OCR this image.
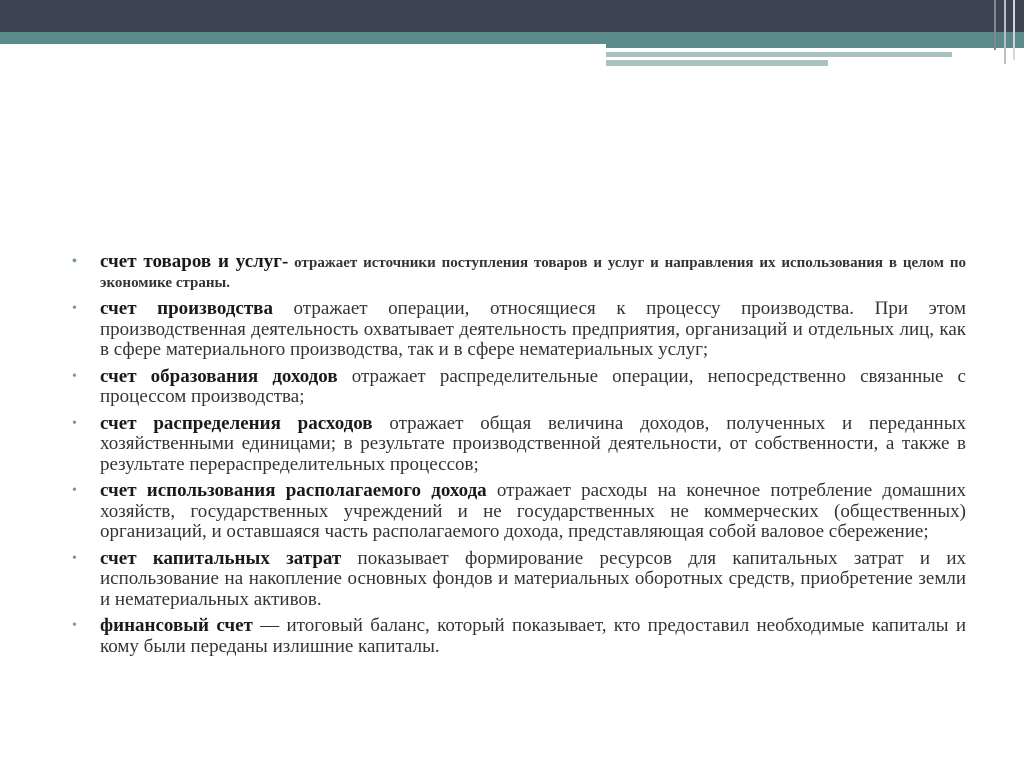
• счет товаров и услуг- отражает источники поступления товаров и услуг и направления их использования в целом по экономике страны.
• счет производства отражает операции, относящиеся к процессу производства. При этом производственная деятельность охватывает деятельность предприятия, организаций и отдельных лиц, как в сфере материального производства, так и в сфере нематериальных услуг;
• счет образования доходов отражает распределительные операции, непосредственно связанные с процессом производства;
• счет распределения расходов отражает общая величина доходов, полученных и переданных хозяйственными единицами; в результате производственной деятельности, от собственности, а также в результате перераспределительных процессов;
• счет использования располагаемого дохода отражает расходы на конечное потребление домашних хозяйств, государственных учреждений и не государственных не коммерческих (общественных) организаций, и оставшаяся часть располагаемого дохода, представляющая собой валовое сбережение;
• счет капитальных затрат показывает формирование ресурсов для капитальных затрат и их использование на накопление основных фондов и материальных оборотных средств, приобретение земли и нематериальных активов.
• финансовый счет — итоговый баланс, который показывает, кто предоставил необходимые капиталы и кому были переданы излишние капиталы.
